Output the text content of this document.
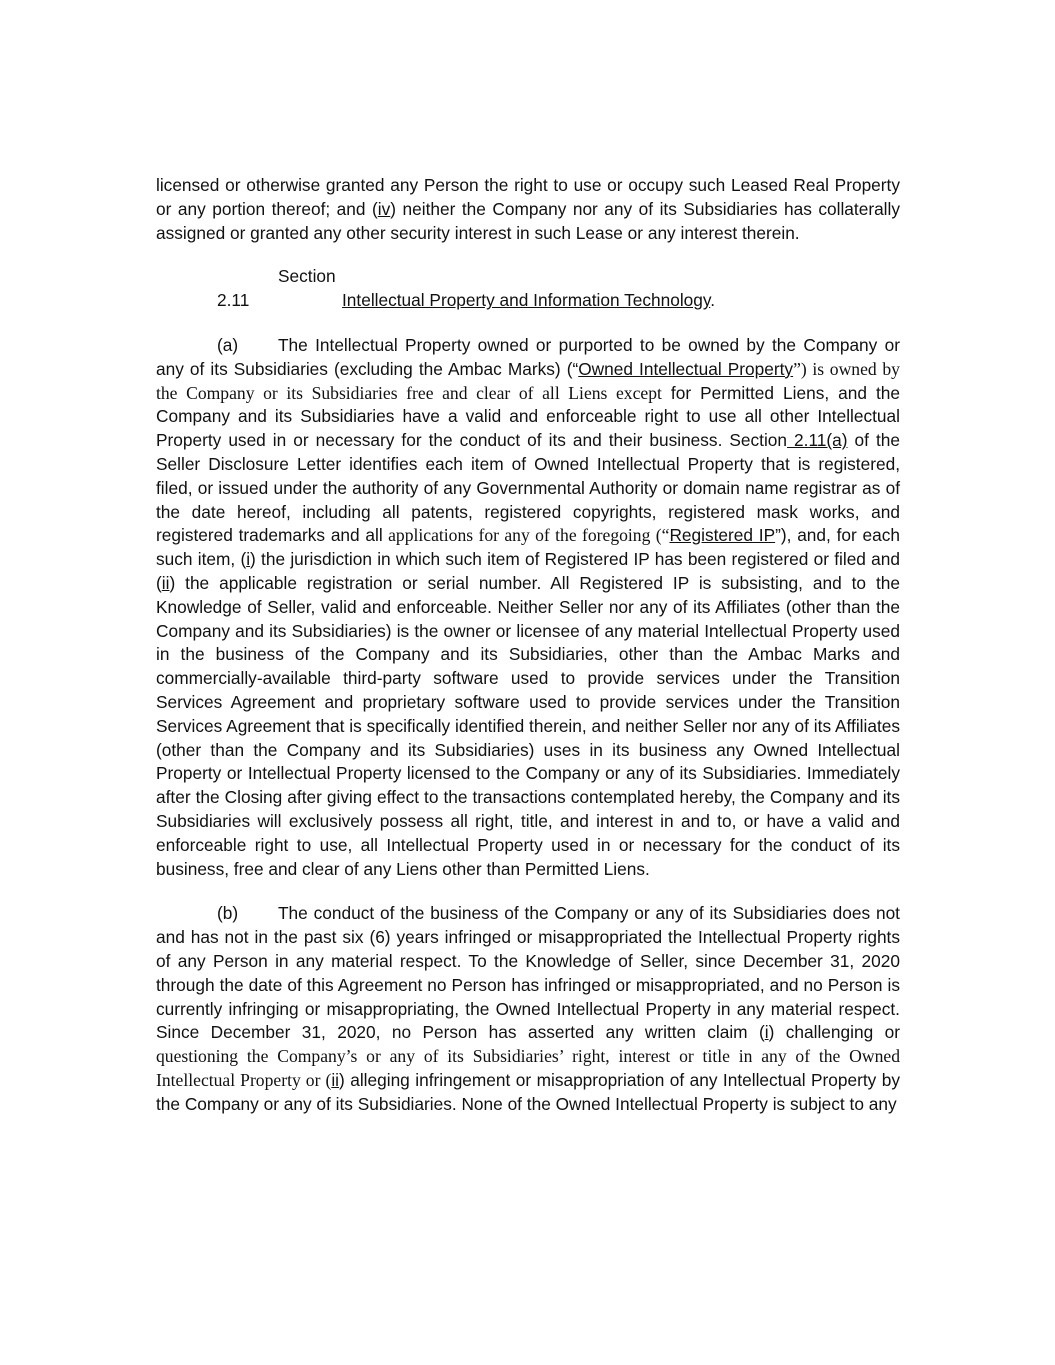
licensed or otherwise granted any Person the right to use or occupy such Leased Real Property or any portion thereof; and (iv) neither the Company nor any of its Subsidiaries has collaterally assigned or granted any other security interest in such Lease or any interest therein.

Section 2.11	Intellectual Property and Information Technology.

(a) The Intellectual Property owned or purported to be owned by the Company or any of its Subsidiaries (excluding the Ambac Marks) (“Owned Intellectual Property”) is owned by the Company or its Subsidiaries free and clear of all Liens except for Permitted Liens, and the Company and its Subsidiaries have a valid and enforceable right to use all other Intellectual Property used in or necessary for the conduct of its and their business. Section 2.11(a) of the Seller Disclosure Letter identifies each item of Owned Intellectual Property that is registered, filed, or issued under the authority of any Governmental Authority or domain name registrar as of the date hereof, including all patents, registered copyrights, registered mask works, and registered trademarks and all applications for any of the foregoing (“Registered IP”), and, for each such item, (i) the jurisdiction in which such item of Registered IP has been registered or filed and (ii) the applicable registration or serial number. All Registered IP is subsisting, and to the Knowledge of Seller, valid and enforceable. Neither Seller nor any of its Affiliates (other than the Company and its Subsidiaries) is the owner or licensee of any material Intellectual Property used in the business of the Company and its Subsidiaries, other than the Ambac Marks and commercially-available third-party software used to provide services under the Transition Services Agreement and proprietary software used to provide services under the Transition Services Agreement that is specifically identified therein, and neither Seller nor any of its Affiliates (other than the Company and its Subsidiaries) uses in its business any Owned Intellectual Property or Intellectual Property licensed to the Company or any of its Subsidiaries. Immediately after the Closing after giving effect to the transactions contemplated hereby, the Company and its Subsidiaries will exclusively possess all right, title, and interest in and to, or have a valid and enforceable right to use, all Intellectual Property used in or necessary for the conduct of its business, free and clear of any Liens other than Permitted Liens.

(b) The conduct of the business of the Company or any of its Subsidiaries does not and has not in the past six (6) years infringed or misappropriated the Intellectual Property rights of any Person in any material respect. To the Knowledge of Seller, since December 31, 2020 through the date of this Agreement no Person has infringed or misappropriated, and no Person is currently infringing or misappropriating, the Owned Intellectual Property in any material respect. Since December 31, 2020, no Person has asserted any written claim (i) challenging or questioning the Company’s or any of its Subsidiaries’ right, interest or title in any of the Owned Intellectual Property or (ii) alleging infringement or misappropriation of any Intellectual Property by the Company or any of its Subsidiaries. None of the Owned Intellectual Property is subject to any
